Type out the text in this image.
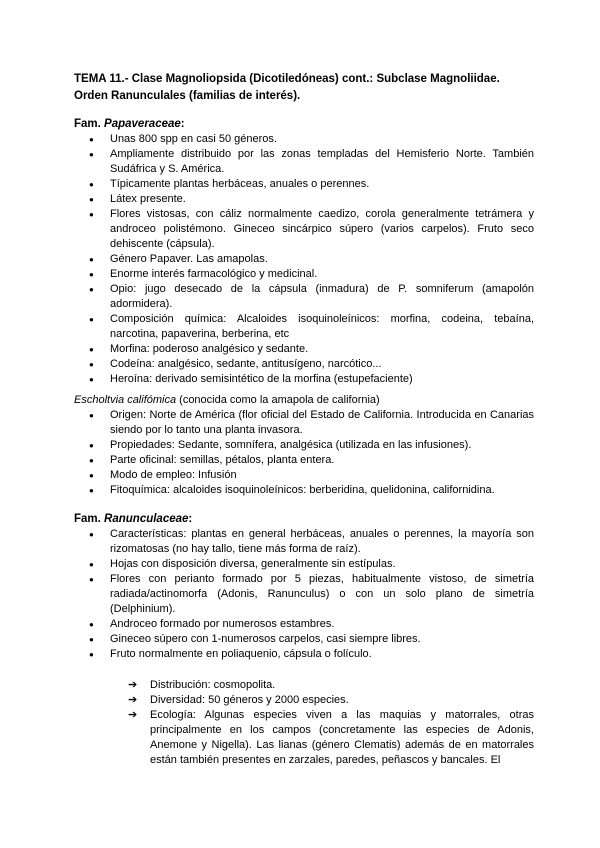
TEMA 11.- Clase Magnoliopsida (Dicotiledóneas) cont.: Subclase Magnoliidae. Orden Ranunculales (familias de interés).

Fam. Papaveraceae:

● Unas 800 spp en casi 50 géneros.
● Ampliamente distribuido por las zonas templadas del Hemisferio Norte. También Sudáfrica y S. América.
● Típicamente plantas herbáceas, anuales o perennes.
● Látex presente.
● Flores vistosas, con cáliz normalmente caedizo, corola generalmente tetrámera y androceo polistémono. Gineceo sincárpico súpero (varios carpelos). Fruto seco dehiscente (cápsula).
● Género Papaver. Las amapolas.
● Enorme interés farmacológico y medicinal.
● Opio: jugo desecado de la cápsula (inmadura) de P. somniferum (amapolón adormidera).
● Composición química: Alcaloides isoquinoleínicos: morfina, codeina, tebaína, narcotina, papaverina, berberina, etc
● Morfina: poderoso analgésico y sedante.
● Codeína: analgésico, sedante, antitusígeno, narcótico...
● Heroína: derivado semisintético de la morfina (estupefaciente)

Escholtvia califómica (conocida como la amapola de california)

● Origen: Norte de América (flor oficial del Estado de California. Introducida en Canarias siendo por lo tanto una planta invasora.
● Propiedades: Sedante, somnífera, analgésica (utilizada en las infusiones).
● Parte oficinal: semillas, pétalos, planta entera.
● Modo de empleo: Infusión
● Fitoquímica: alcaloides isoquinoleínicos: berberidina, quelidonina, californidina.

Fam. Ranunculaceae:

● Características: plantas en general herbáceas, anuales o perennes, la mayoría son rizomatosas (no hay tallo, tiene más forma de raíz).
● Hojas con disposición diversa, generalmente sin estípulas.
● Flores con perianto formado por 5 piezas, habitualmente vistoso, de simetría radiada/actinomorfa (Adonis, Ranunculus) o con un solo plano de simetría (Delphinium).
● Androceo formado por numerosos estambres.
● Gineceo súpero con 1-numerosos carpelos, casi siempre libres.
● Fruto normalmente en poliaquenio, cápsula o folículo.
➔ Distribución: cosmopolita.
➔ Diversidad: 50 géneros y 2000 especies.
➔ Ecología: Algunas especies viven a las maquias y matorrales, otras principalmente en los campos (concretamente las especies de Adonis, Anemone y Nigella). Las lianas (género Clematis) además de en matorrales están también presentes en zarzales, paredes, peñascos y bancales. El
